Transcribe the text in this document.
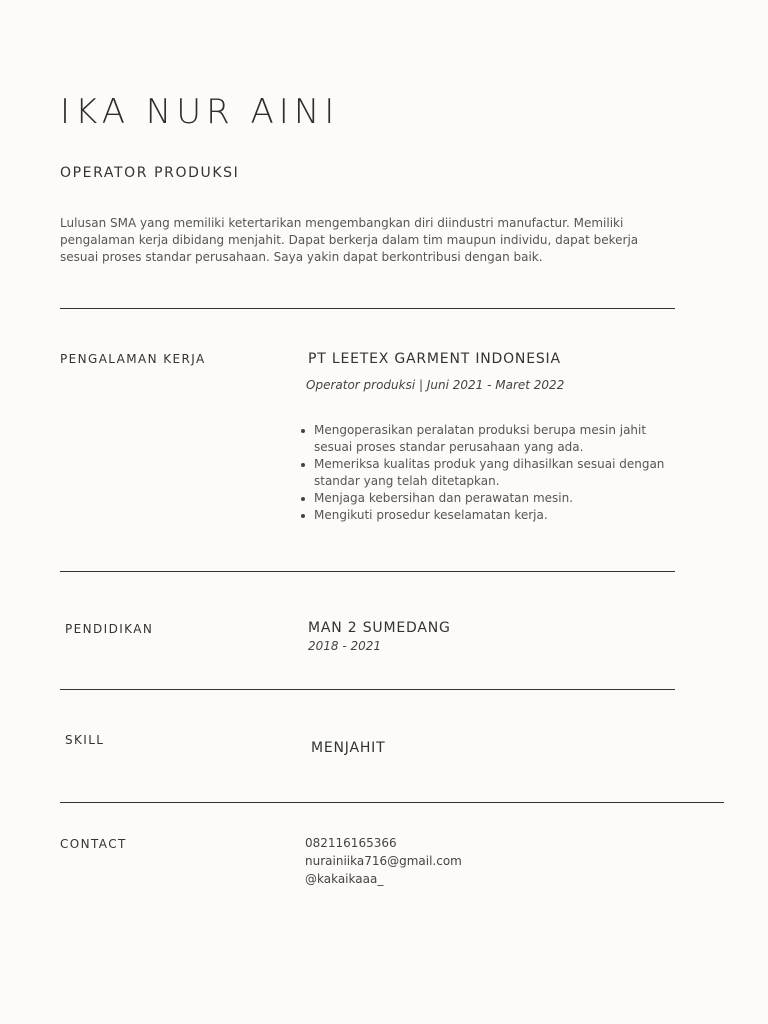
IKA NUR AINI
OPERATOR PRODUKSI
Lulusan SMA yang memiliki ketertarikan mengembangkan diri diindustri manufactur. Memiliki pengalaman kerja dibidang menjahit. Dapat berkerja dalam tim maupun individu, dapat bekerja sesuai proses standar perusahaan. Saya yakin dapat berkontribusi dengan baik.
PENGALAMAN KERJA	PT LEETEX GARMENT INDONESIA
Operator produksi | Juni 2021 - Maret 2022
Mengoperasikan peralatan produksi berupa mesin jahit sesuai proses standar perusahaan yang ada.
Memeriksa kualitas produk yang dihasilkan sesuai dengan standar yang telah ditetapkan.
Menjaga kebersihan dan perawatan mesin.
Mengikuti prosedur keselamatan kerja.
PENDIDIKAN	MAN 2 SUMEDANG
2018 - 2021
SKILL	MENJAHIT
CONTACT	082116165366
nurainiika716@gmail.com
@kakaikaaa_
